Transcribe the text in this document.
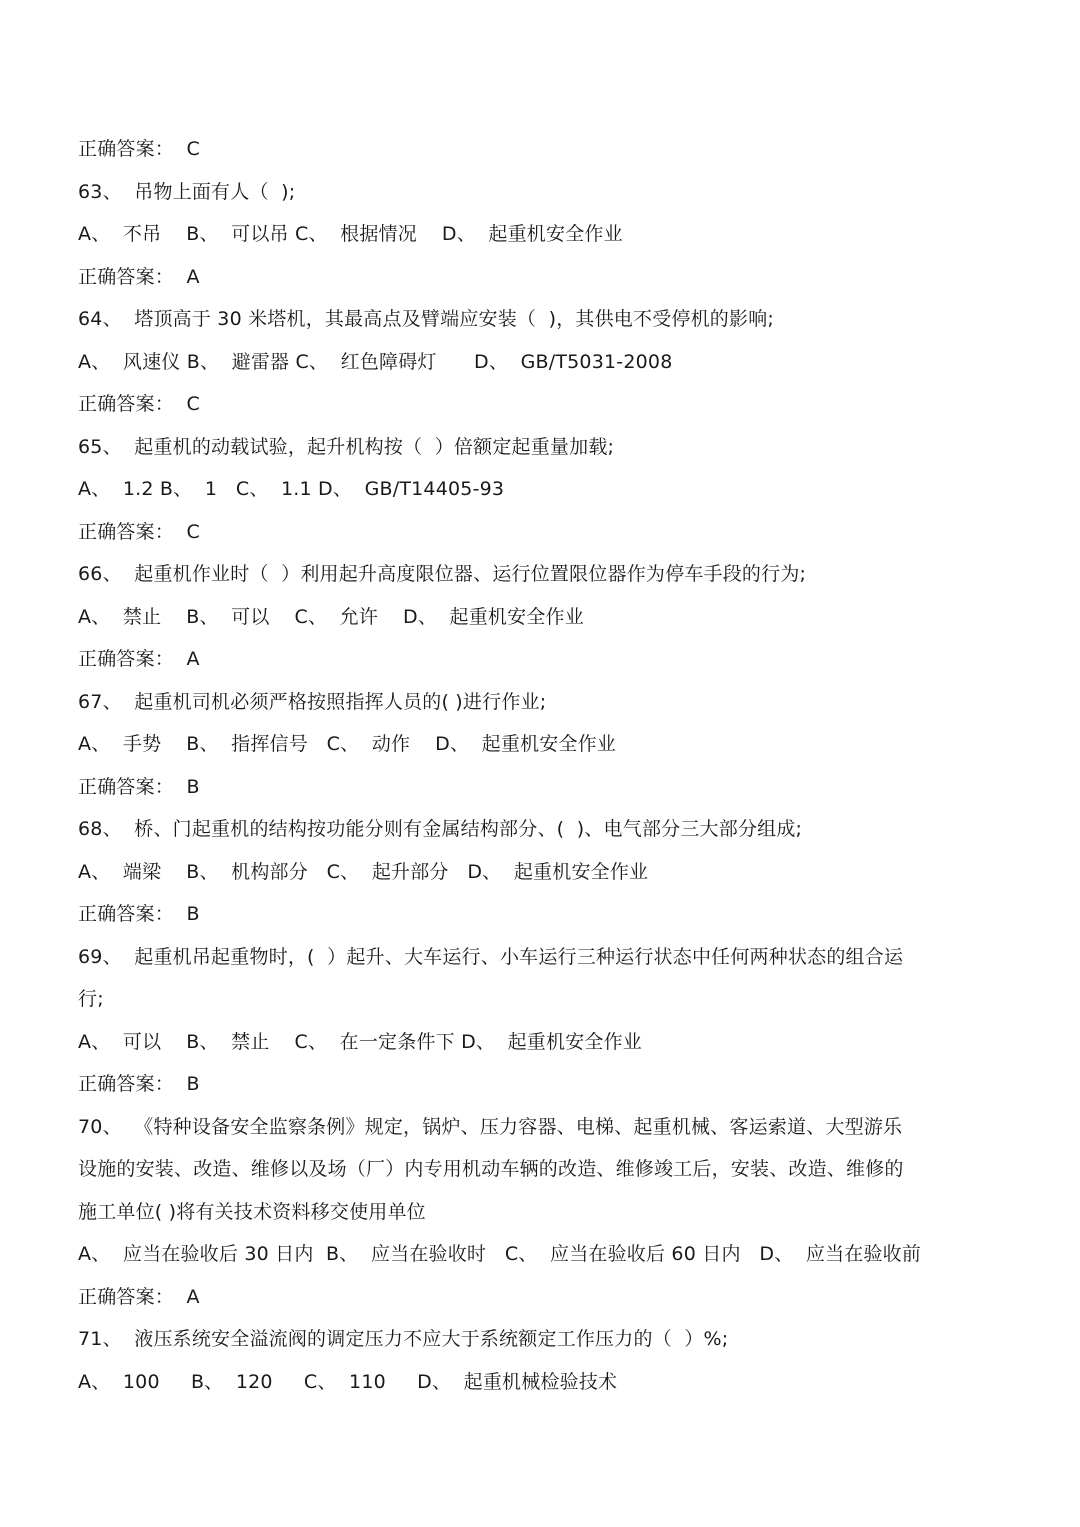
正确答案：  C
63、  吊物上面有人（  );
A、  不吊    B、  可以吊 C、  根据情况    D、  起重机安全作业
正确答案：  A
64、  塔顶高于 30 米塔机，其最高点及臂端应安装（  )，其供电不受停机的影响;
A、  风速仪 B、  避雷器 C、  红色障碍灯      D、  GB/T5031-2008
正确答案：  C
65、  起重机的动载试验，起升机构按（  ）倍额定起重量加载;
A、  1.2 B、  1   C、  1.1 D、  GB/T14405-93
正确答案：  C
66、  起重机作业时（  ）利用起升高度限位器、运行位置限位器作为停车手段的行为;
A、  禁止    B、  可以    C、  允许    D、  起重机安全作业
正确答案：  A
67、  起重机司机必须严格按照指挥人员的( )进行作业;
A、  手势    B、  指挥信号   C、  动作    D、  起重机安全作业
正确答案：  B
68、  桥、门起重机的结构按功能分则有金属结构部分、(  )、电气部分三大部分组成;
A、  端梁    B、  机构部分   C、  起升部分   D、  起重机安全作业
正确答案：  B
69、  起重机吊起重物时，(  ）起升、大车运行、小车运行三种运行状态中任何两种状态的组合运
行;
A、  可以    B、  禁止    C、  在一定条件下 D、  起重机安全作业
正确答案：  B
70、  《特种设备安全监察条例》规定，锅炉、压力容器、电梯、起重机械、客运索道、大型游乐
设施的安装、改造、维修以及场（厂）内专用机动车辆的改造、维修竣工后，安装、改造、维修的
施工单位( )将有关技术资料移交使用单位
A、  应当在验收后 30 日内  B、  应当在验收时   C、  应当在验收后 60 日内   D、  应当在验收前
正确答案：  A
71、  液压系统安全溢流阀的调定压力不应大于系统额定工作压力的（  ）%;
A、  100     B、  120     C、  110     D、  起重机械检验技术
